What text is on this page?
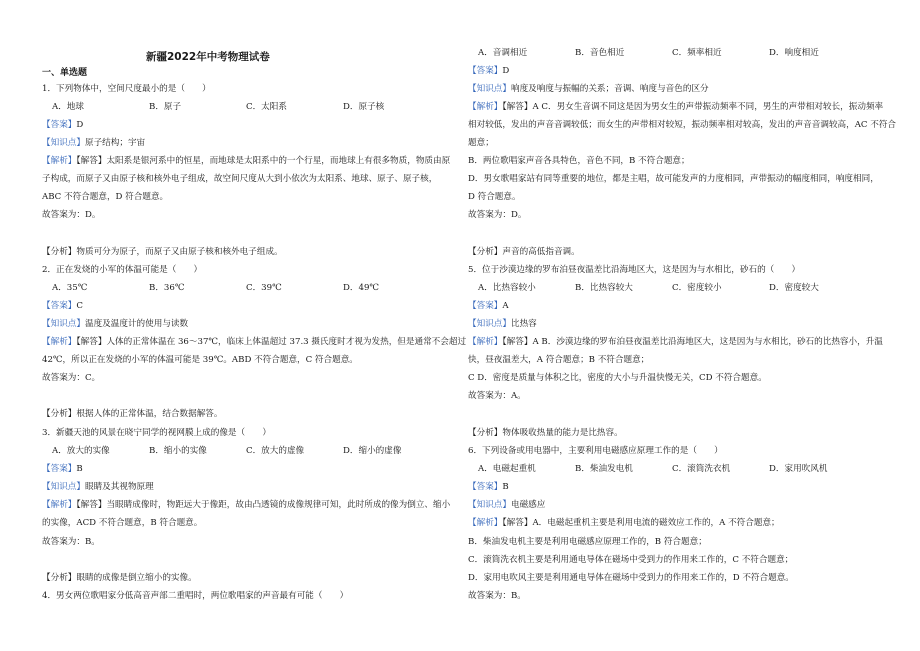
新疆2022年中考物理试卷
一、单选题
1．下列物体中，空间尺度最小的是（　　）
A．地球	B．原子	C．太阳系	D．原子核
【答案】D
【知识点】原子结构；宇宙
【解析】【解答】太阳系是银河系中的恒星，而地球是太阳系中的一个行星，而地球上有很多物质，物质由原
子构成，而原子又由原子核和核外电子组成，故空间尺度从大到小依次为太阳系、地球、原子、原子核，
ABC 不符合题意，D 符合题意。
故答案为：D。
【分析】物质可分为原子，而原子又由原子核和核外电子组成。
2．正在发烧的小军的体温可能是（　　）
A．35℃	B．36℃	C．39℃	D．49℃
【答案】C
【知识点】温度及温度计的使用与读数
【解析】【解答】人体的正常体温在 36～37℃，临床上体温超过 37.3 摄氏度时才视为发热，但是通常不会超过
42℃，所以正在发烧的小军的体温可能是 39℃。ABD 不符合题意，C 符合题意。
故答案为：C。
【分析】根据人体的正常体温，结合数据解答。
3．新疆天池的风景在晓宁同学的视网膜上成的像是（　　）
A．放大的实像	B．缩小的实像	C．放大的虚像	D．缩小的虚像
【答案】B
【知识点】眼睛及其视物原理
【解析】【解答】当眼睛成像时，物距远大于像距，故由凸透镜的成像规律可知，此时所成的像为倒立、缩小
的实像，ACD 不符合题意，B 符合题意。
故答案为：B。
【分析】眼睛的成像是倒立缩小的实像。
4．男女两位歌唱家分低高音声部二重唱时，两位歌唱家的声音最有可能（　　）
A．音调相近	B．音色相近	C．频率相近	D．响度相近
【答案】D
【知识点】响度及响度与振幅的关系；音调、响度与音色的区分
【解析】【解答】A C．男女生音调不同这是因为男女生的声带振动频率不同，男生的声带相对较长，振动频率
相对较低，发出的声音音调较低；而女生的声带相对较短，振动频率相对较高，发出的声音音调较高，AC 不符合
题意；
B．两位歌唱家声音各具特色，音色不同，B 不符合题意；
D．男女歌唱家站有同等重要的地位，都是主唱，故可能发声的力度相同，声带振动的幅度相同，响度相同，
D 符合题意。
故答案为：D。
【分析】声音的高低指音调。
5．位于沙漠边缘的罗布泊昼夜温差比沿海地区大，这是因为与水相比，砂石的（　　）
A．比热容较小	B．比热容较大	C．密度较小	D．密度较大
【答案】A
【知识点】比热容
【解析】【解答】A B．沙漠边缘的罗布泊昼夜温差比沿海地区大，这是因为与水相比，砂石的比热容小，升温
快，昼夜温差大，A 符合题意；B 不符合题意；
C D．密度是质量与体积之比，密度的大小与升温快慢无关，CD 不符合题意。
故答案为：A。
【分析】物体吸收热量的能力是比热容。
6．下列设备或用电器中，主要利用电磁感应原理工作的是（　　）
A．电磁起重机	B．柴油发电机	C．滚筒洗衣机	D．家用吹风机
【答案】B
【知识点】电磁感应
【解析】【解答】A．电磁起重机主要是利用电流的磁效应工作的，A 不符合题意；
B．柴油发电机主要是利用电磁感应原理工作的，B 符合题意；
C．滚筒洗衣机主要是利用通电导体在磁场中受到力的作用来工作的，C 不符合题意；
D．家用电吹风主要是利用通电导体在磁场中受到力的作用来工作的，D 不符合题意。
故答案为：B。
